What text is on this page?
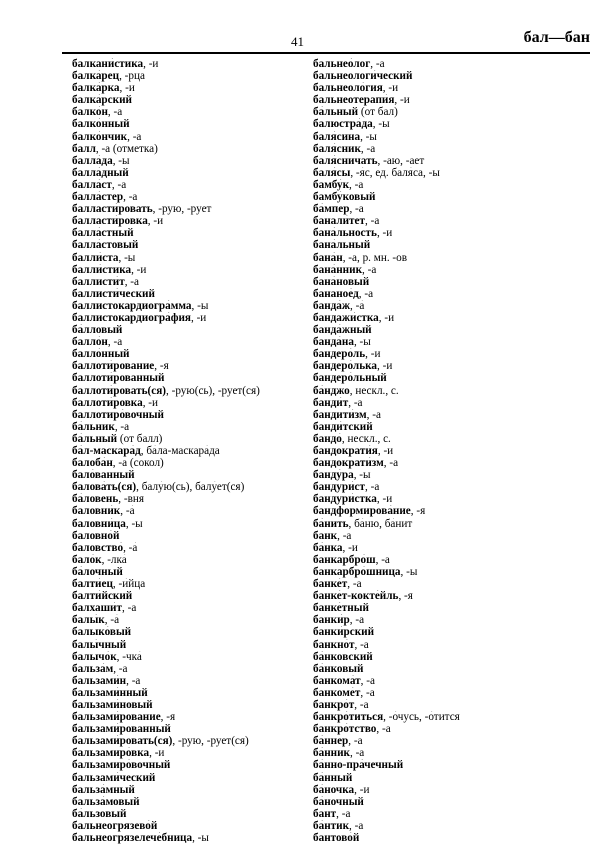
41	бал—бан
балкани́стика, -и
балка́рец, -рца
балка́рка, -и
балка́рский
балко́н, -а
балко́нный
балко́нчик, -а
балл, -а (отметка)
балла́да, -ы
балла́дный
балла́ст, -а
балла́стер, -а
балласти́ровать, -рую, -рует
балласти́ровка, -и
балла́стный
балла́стовый
балли́ста, -ы
балли́стика, -и
баллисти́т, -а
баллисти́ческий
баллистокардиогра́мма, -ы
баллистокардиогра́фия, -и
ба́лловый
балло́н, -а
балло́нный
баллоти́рование, -я
баллоти́рованный
баллоти́ровать(ся), -рую(сь), -рует(ся)
баллоти́ровка, -и
баллотиро́вочный
ба́льник, -а
ба́льный (от балл)
ба́л-маскара́д, ба́ла-маскара́да
балоба́н, -а (сокол)
бало́ванный
балова́ть(ся), балу́ю(сь), балу́ет(ся)
ба́ловень, -вня
баловни́к, -а́
баловни́ца, -ы
баловно́й
баловство́, -а́
бало́к, -лка́
ба́лочный
балти́ец, -и́йца
балти́йский
балхаши́т, -а
балы́к, -а́
балыко́вый
балы́чный
балычо́к, -чка́
бальза́м, -а
бальзами́н, -а
бальзами́нный
бальзами́новый
бальзами́рование, -я
бальзами́рованный
бальзами́ровать(ся), -рую, -рует(ся)
бальзамиро́вка, -и
бальзамиро́вочный
бальзами́ческий
бальза́мный
бальза́мовый
ба́льзовый
бальнеогрязево́й
бальнеогрязелече́бница, -ы
бальнео́лог, -а
бальнеологи́ческий
бальнеоло́гия, -и
бальнеотерапи́я, -и
ба́льный (от бал)
балюстра́да, -ы
баля́сина, -ы
баля́сник, -а
баля́сничать, -аю, -ает
баля́сы, -я́с, ед. баля́са, -ы
бамбу́к, -а
бамбу́ковый
ба́мпер, -а
банали́тет, -а
бана́льность, -и
бана́льный
бана́н, -а, р. мн. -ов
бана́нник, -а
бана́новый
бананое́д, -а
банда́ж, -а́
бандажи́стка, -и
банда́жный
банда́на, -ы
бандеро́ль, -и
бандеро́лька, -и
бандеро́льный
ба́нджо, нескл., с.
банди́т, -а
бандити́зм, -а
банди́тский
бандо́, нескл., с.
бандократи́я, -и
бандократи́зм, -а
банду́ра, -ы
бандури́ст, -а
бандури́стка, -и
бандформирова́ние, -я
ба́нить, ба́ню, ба́нит
банк, -а
ба́нка, -и
банкарбро́ш, -а
банкарбро́шница, -ы
банке́т, -а
банке́т-кокте́йль, -я
банке́тный
банки́р, -а
банки́рский
банкно́т, -а
ба́нковский
ба́нковый
банкома́т, -а
банкоме́т, -а
банкро́т, -а
банкро́титься, -о́чусь, -о́тится
банкро́тство, -а
ба́ннер, -а
ба́нник, -а
ба́нно-пра́чечный
ба́нный
ба́ночка, -и
ба́ночный
бант, -а
ба́нтик, -а
бантово́й
